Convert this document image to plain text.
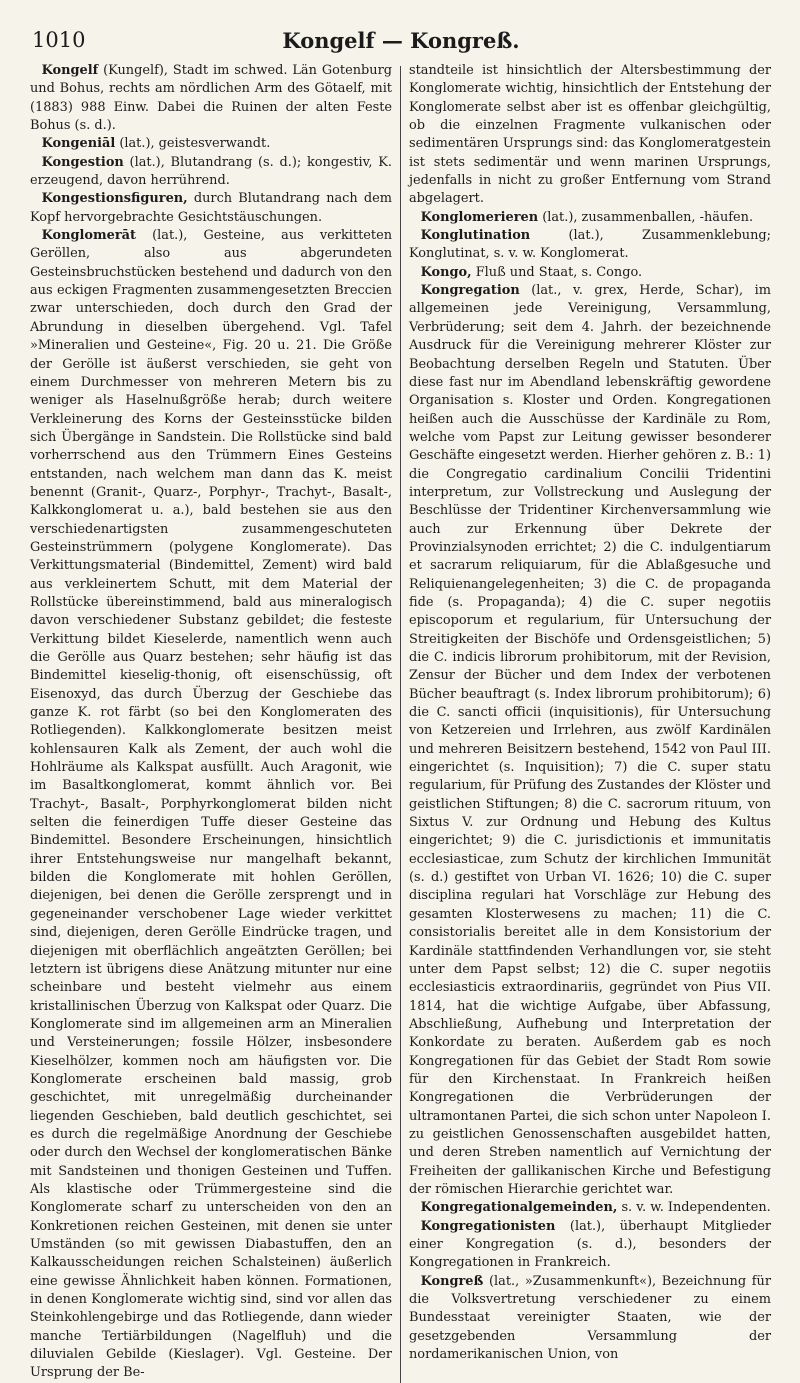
1010	Kongelf — Kongreß.

Kongelf (Kungelf), Stadt im schwed. Län Gotenburg und Bohus, rechts am nördlichen Arm des Götaelf, mit (1883) 988 Einw. Dabei die Ruinen der alten Feste Bohus (s. d.).

Kongeniāl (lat.), geistesverwandt.

Kongestion (lat.), Blutandrang (s. d.); kongestiv, K. erzeugend, davon herrührend.

Kongestionsfiguren, durch Blutandrang nach dem Kopf hervorgebrachte Gesichtstäuschungen.

Konglomerāt (lat.), Gesteine, aus verkitteten Geröllen, also aus abgerundeten Gesteinsbruchstücken bestehend und dadurch von den aus eckigen Fragmenten zusammengesetzten Breccien zwar unterschieden, doch durch den Grad der Abrundung in dieselben übergehend. Vgl. Tafel »Mineralien und Gesteine«, Fig. 20 u. 21. Die Größe der Gerölle ist äußerst verschieden, sie geht von einem Durchmesser von mehreren Metern bis zu weniger als Haselnußgröße herab; durch weitere Verkleinerung des Korns der Gesteinsstücke bilden sich Übergänge in Sandstein. Die Rollstücke sind bald vorherrschend aus den Trümmern Eines Gesteins entstanden, nach welchem man dann das K. meist benennt (Granit-, Quarz-, Porphyr-, Trachyt-, Basalt-, Kalkkonglomerat u. a.), bald bestehen sie aus den verschiedenartigsten zusammengeschuteten Gesteinstrümmern (polygene Konglomerate). Das Verkittungsmaterial (Bindemittel, Zement) wird bald aus verkleinertem Schutt, mit dem Material der Rollstücke übereinstimmend, bald aus mineralogisch davon verschiedener Substanz gebildet; die festeste Verkittung bildet Kieselerde, namentlich wenn auch die Gerölle aus Quarz bestehen; sehr häufig ist das Bindemittel kieselig-thonig, oft eisenschüssig, oft Eisenoxyd, das durch Überzug der Geschiebe das ganze K. rot färbt (so bei den Konglomeraten des Rotliegenden). Kalkkonglomerate besitzen meist kohlensauren Kalk als Zement, der auch wohl die Hohlräume als Kalkspat ausfüllt. Auch Aragonit, wie im Basaltkonglomerat, kommt ähnlich vor. Bei Trachyt-, Basalt-, Porphyrkonglomerat bilden nicht selten die feinerdigen Tuffe dieser Gesteine das Bindemittel. Besondere Erscheinungen, hinsichtlich ihrer Entstehungsweise nur mangelhaft bekannt, bilden die Konglomerate mit hohlen Geröllen, diejenigen, bei denen die Gerölle zersprengt und in gegeneinander verschobener Lage wieder verkittet sind, diejenigen, deren Gerölle Eindrücke tragen, und diejenigen mit oberflächlich angeätzten Geröllen; bei letztern ist übrigens diese Anätzung mitunter nur eine scheinbare und besteht vielmehr aus einem kristallinischen Überzug von Kalkspat oder Quarz. Die Konglomerate sind im allgemeinen arm an Mineralien und Versteinerungen; fossile Hölzer, insbesondere Kieselhölzer, kommen noch am häufigsten vor. Die Konglomerate erscheinen bald massig, grob geschichtet, mit unregelmäßig durcheinander liegenden Geschieben, bald deutlich geschichtet, sei es durch die regelmäßige Anordnung der Geschiebe oder durch den Wechsel der konglomeratischen Bänke mit Sandsteinen und thonigen Gesteinen und Tuffen. Als klastische oder Trümmergesteine sind die Konglomerate scharf zu unterscheiden von den an Konkretionen reichen Gesteinen, mit denen sie unter Umständen (so mit gewissen Diabastuffen, den an Kalkausscheidungen reichen Schalsteinen) äußerlich eine gewisse Ähnlichkeit haben können. Formationen, in denen Konglomerate wichtig sind, sind vor allen das Steinkohlengebirge und das Rotliegende, dann wieder manche Tertiärbildungen (Nagelfluh) und die diluvialen Gebilde (Kieslager). Vgl. Gesteine. Der Ursprung der Be-

standteile ist hinsichtlich der Altersbestimmung der Konglomerate wichtig, hinsichtlich der Entstehung der Konglomerate selbst aber ist es offenbar gleichgültig, ob die einzelnen Fragmente vulkanischen oder sedimentären Ursprungs sind: das Konglomeratgestein ist stets sedimentär und wenn marinen Ursprungs, jedenfalls in nicht zu großer Entfernung vom Strand abgelagert.

Konglomerieren (lat.), zusammenballen, -häufen.

Konglutination (lat.), Zusammenklebung; Konglutinat, s. v. w. Konglomerat.

Kongo, Fluß und Staat, s. Congo.

Kongregation (lat., v. grex, Herde, Schar), im allgemeinen jede Vereinigung, Versammlung, Verbrüderung; seit dem 4. Jahrh. der bezeichnende Ausdruck für die Vereinigung mehrerer Klöster zur Beobachtung derselben Regeln und Statuten. Über diese fast nur im Abendland lebenskräftig gewordene Organisation s. Kloster und Orden. Kongregationen heißen auch die Ausschüsse der Kardinäle zu Rom, welche vom Papst zur Leitung gewisser besonderer Geschäfte eingesetzt werden. Hierher gehören z. B.: 1) die Congregatio cardinalium Concilii Tridentini interpretum, zur Vollstreckung und Auslegung der Beschlüsse der Tridentiner Kirchenversammlung wie auch zur Erkennung über Dekrete der Provinzialsynoden errichtet; 2) die C. indulgentiarum et sacrarum reliquiarum, für die Ablaßgesuche und Reliquienangelegenheiten; 3) die C. de propaganda fide (s. Propaganda); 4) die C. super negotiis episcoporum et regularium, für Untersuchung der Streitigkeiten der Bischöfe und Ordensgeistlichen; 5) die C. indicis librorum prohibitorum, mit der Revision, Zensur der Bücher und dem Index der verbotenen Bücher beauftragt (s. Index librorum prohibitorum); 6) die C. sancti officii (inquisitionis), für Untersuchung von Ketzereien und Irrlehren, aus zwölf Kardinälen und mehreren Beisitzern bestehend, 1542 von Paul III. eingerichtet (s. Inquisition); 7) die C. super statu regularium, für Prüfung des Zustandes der Klöster und geistlichen Stiftungen; 8) die C. sacrorum rituum, von Sixtus V. zur Ordnung und Hebung des Kultus eingerichtet; 9) die C. jurisdictionis et immunitatis ecclesiasticae, zum Schutz der kirchlichen Immunität (s. d.) gestiftet von Urban VI. 1626; 10) die C. super disciplina regulari hat Vorschläge zur Hebung des gesamten Klosterwesens zu machen; 11) die C. consistorialis bereitet alle in dem Konsistorium der Kardinäle stattfindenden Verhandlungen vor, sie steht unter dem Papst selbst; 12) die C. super negotiis ecclesiasticis extraordinariis, gegründet von Pius VII. 1814, hat die wichtige Aufgabe, über Abfassung, Abschließung, Aufhebung und Interpretation der Konkordate zu beraten. Außerdem gab es noch Kongregationen für das Gebiet der Stadt Rom sowie für den Kirchenstaat. In Frankreich heißen Kongregationen die Verbrüderungen der ultramontanen Partei, die sich schon unter Napoleon I. zu geistlichen Genossenschaften ausgebildet hatten, und deren Streben namentlich auf Vernichtung der Freiheiten der gallikanischen Kirche und Befestigung der römischen Hierarchie gerichtet war.

Kongregationalgemeinden, s. v. w. Independenten.

Kongregationisten (lat.), überhaupt Mitglieder einer Kongregation (s. d.), besonders der Kongregationen in Frankreich.

Kongreß (lat., »Zusammenkunft«), Bezeichnung für die Volksvertretung verschiedener zu einem Bundesstaat vereinigter Staaten, wie der gesetzgebenden Versammlung der nordamerikanischen Union, von
